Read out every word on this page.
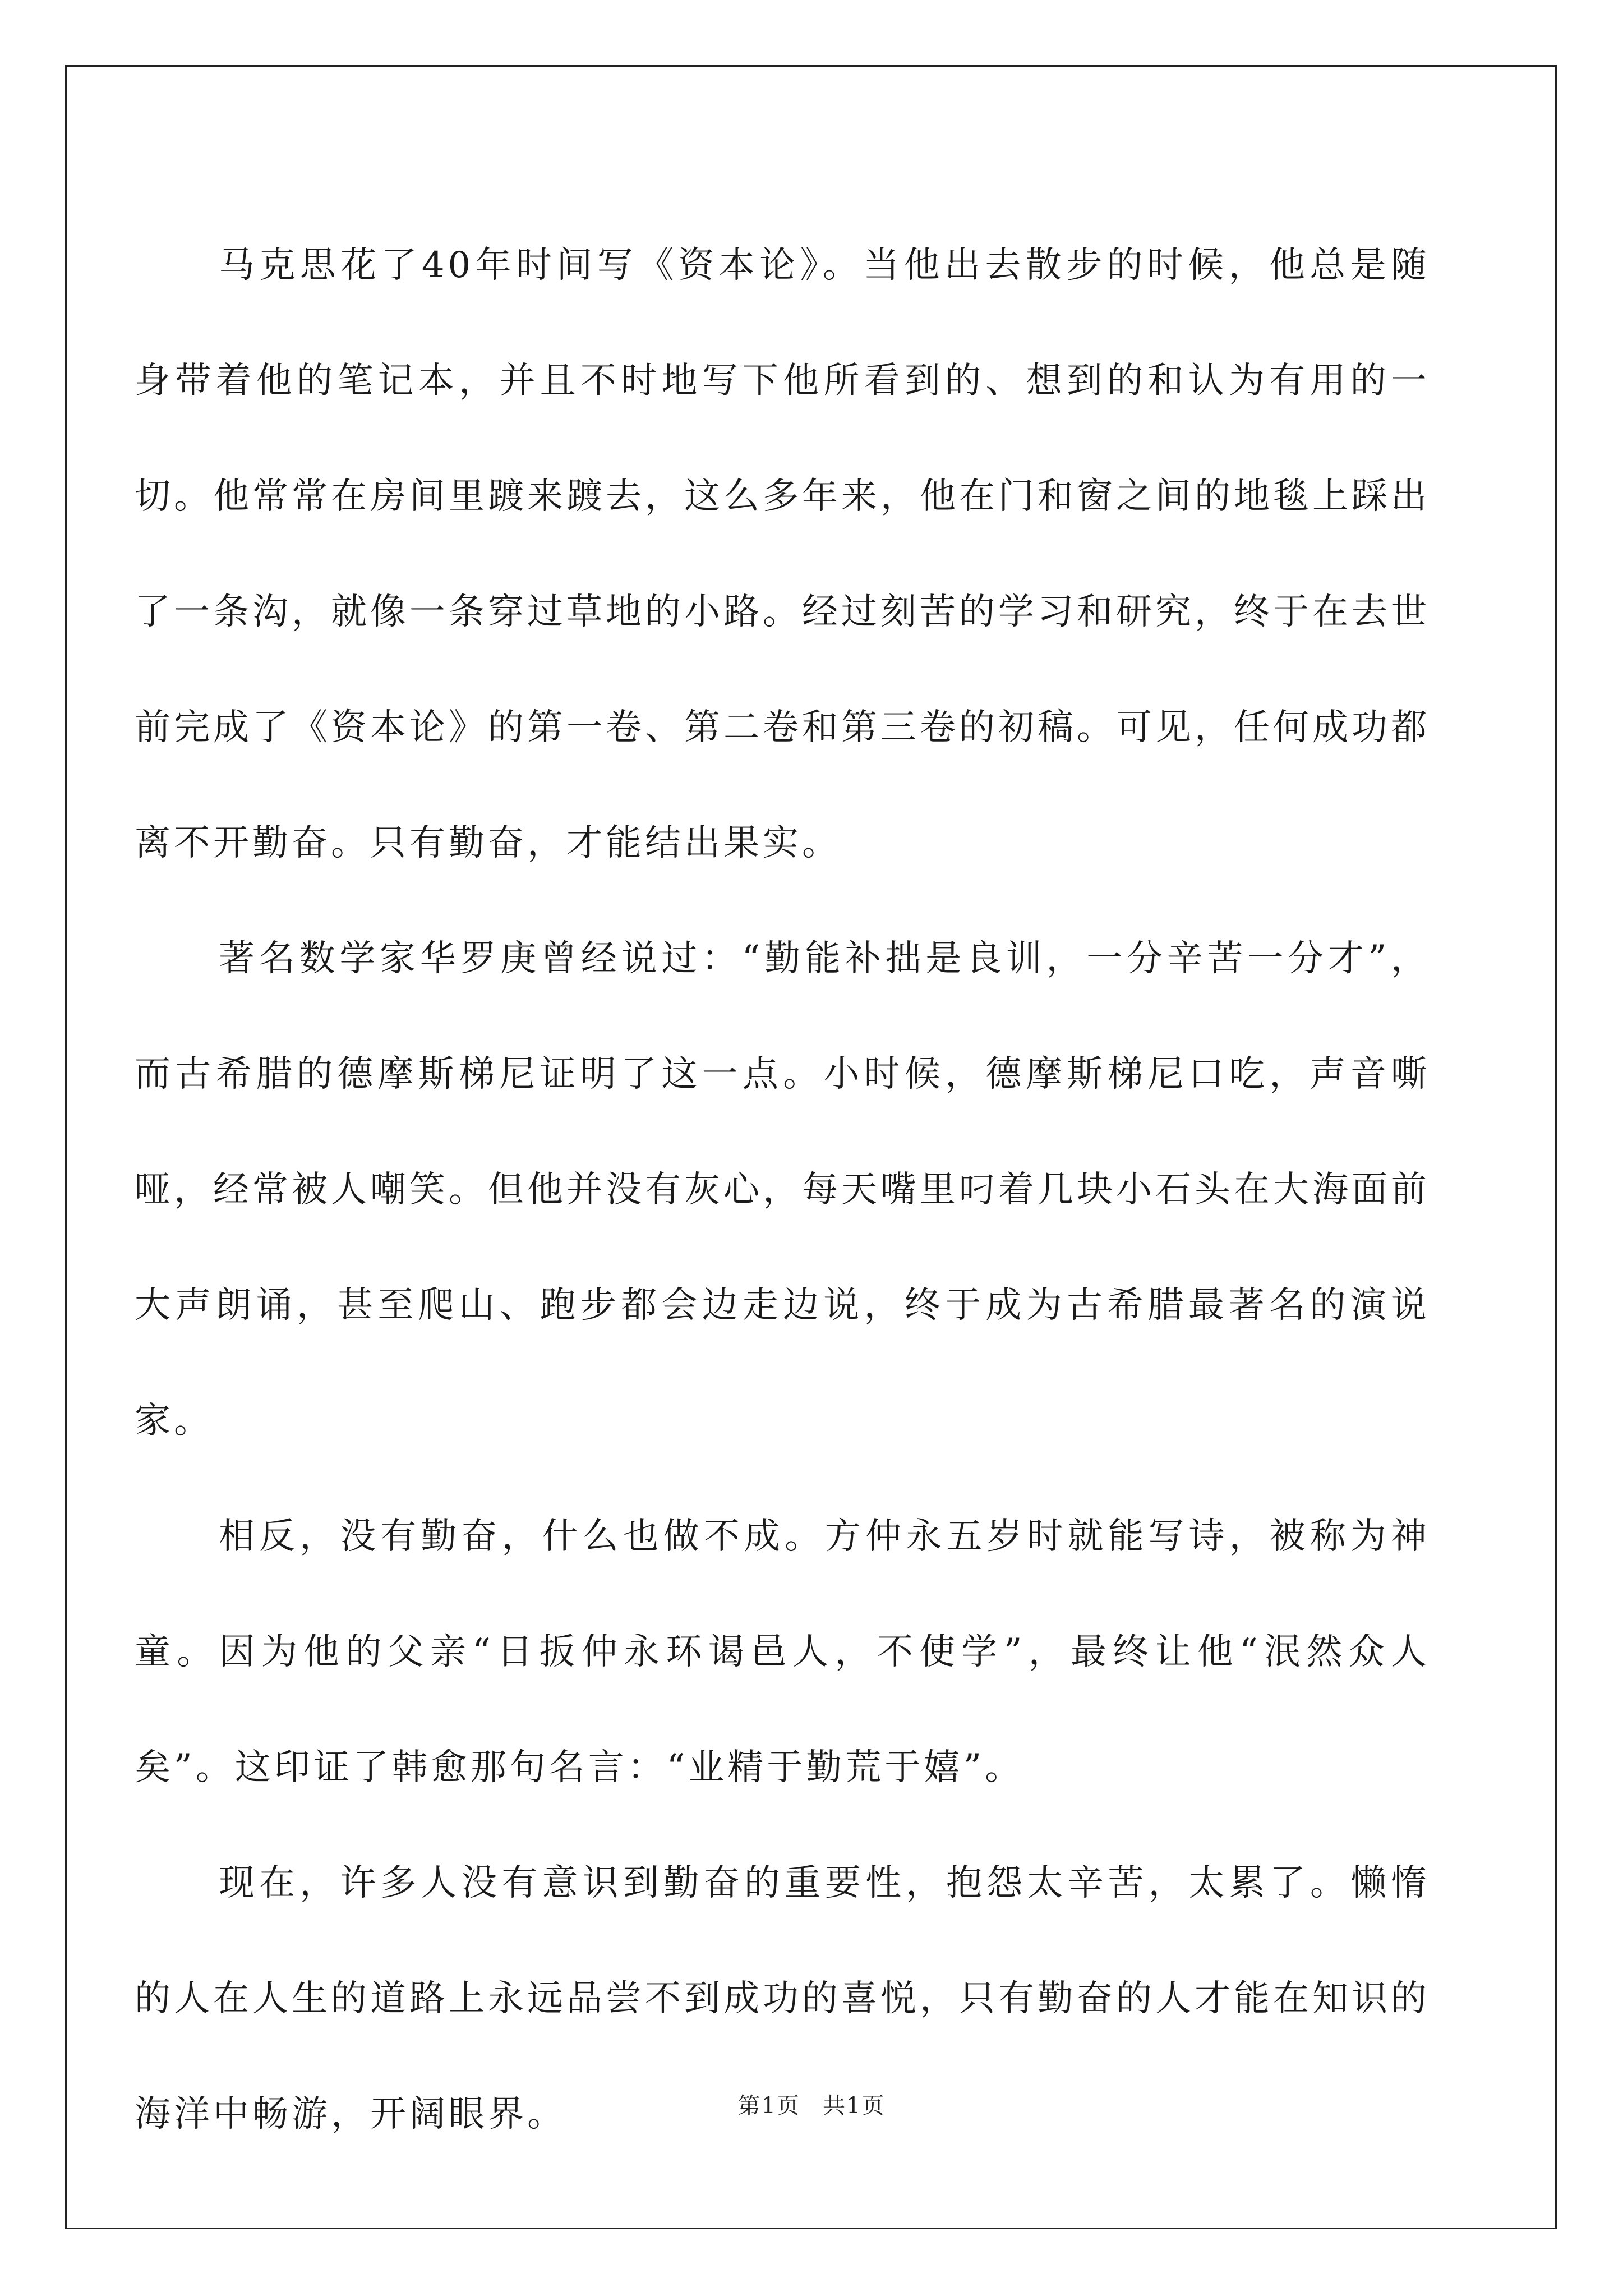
马克思花了40年时间写《资本论》。当他出去散步的时候，他总是随身带着他的笔记本，并且不时地写下他所看到的、想到的和认为有用的一切。他常常在房间里踱来踱去，这么多年来，他在门和窗之间的地毯上踩出了一条沟，就像一条穿过草地的小路。经过刻苦的学习和研究，终于在去世前完成了《资本论》的第一卷、第二卷和第三卷的初稿。可见，任何成功都离不开勤奋。只有勤奋，才能结出果实。

著名数学家华罗庚曾经说过：“勤能补拙是良训，一分辛苦一分才”，而古希腊的德摩斯梯尼证明了这一点。小时候，德摩斯梯尼口吃，声音嘶哑，经常被人嘲笑。但他并没有灰心，每天嘴里叼着几块小石头在大海面前大声朗诵，甚至爬山、跑步都会边走边说，终于成为古希腊最著名的演说家。

相反，没有勤奋，什么也做不成。方仲永五岁时就能写诗，被称为神童。因为他的父亲“日扳仲永环谒邑人，不使学”，最终让他“泯然众人矣”。这印证了韩愈那句名言：“业精于勤荒于嬉”。

现在，许多人没有意识到勤奋的重要性，抱怨太辛苦，太累了。懒惰的人在人生的道路上永远品尝不到成功的喜悦，只有勤奋的人才能在知识的海洋中畅游，开阔眼界。	第1页 共1页
